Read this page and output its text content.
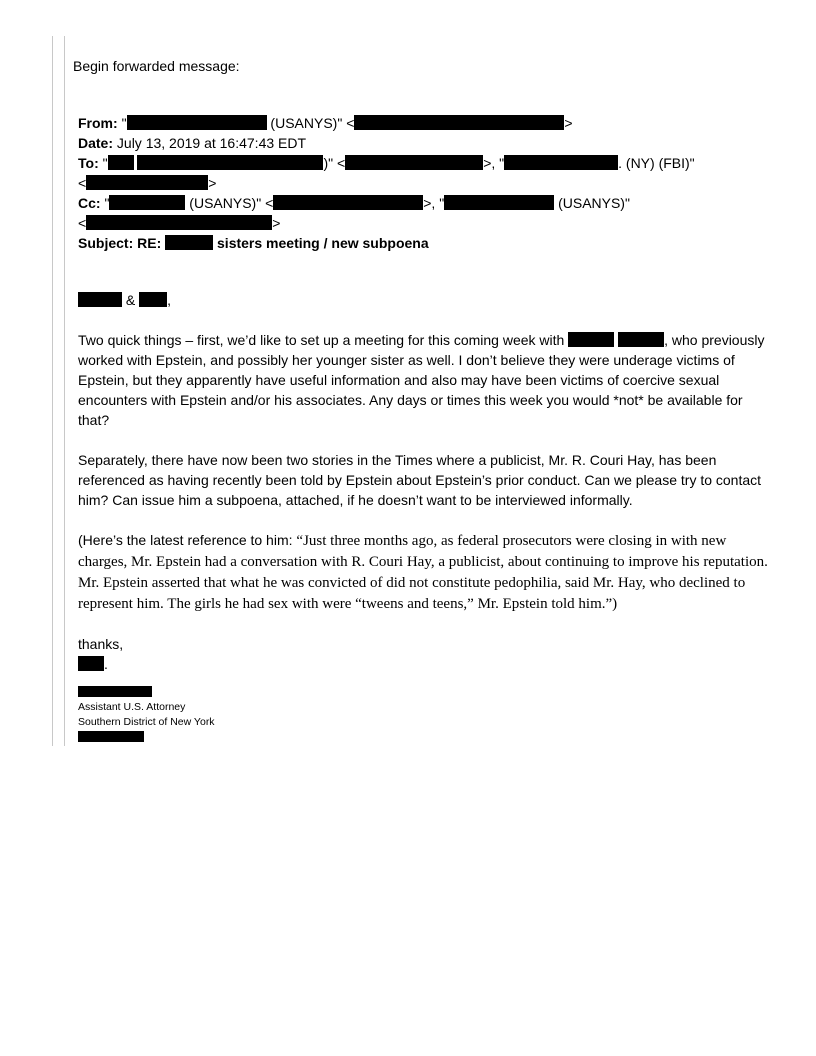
Begin forwarded message:
From: "	(USANYS)" <	>
Date: July 13, 2019 at 16:47:43 EDT
To: "	)" <	>, "	. (NY) (FBI)"
<	>
Cc: "	(USANYS)" <	>, "	(USANYS)"
<	>
Subject: RE:	sisters meeting / new subpoena

& ,

Two quick things – first, we’d like to set up a meeting for this coming week with	, who previously worked with Epstein, and possibly her younger sister as well. I don’t believe they were underage victims of Epstein, but they apparently have useful information and also may have been victims of coercive sexual encounters with Epstein and/or his associates. Any days or times this week you would *not* be available for that?

Separately, there have now been two stories in the Times where a publicist, Mr. R. Couri Hay, has been referenced as having recently been told by Epstein about Epstein’s prior conduct. Can we please try to contact him? Can issue him a subpoena, attached, if he doesn’t want to be interviewed informally.

(Here’s the latest reference to him: “Just three months ago, as federal prosecutors were closing in with new charges, Mr. Epstein had a conversation with R. Couri Hay, a publicist, about continuing to improve his reputation. Mr. Epstein asserted that what he was convicted of did not constitute pedophilia, said Mr. Hay, who declined to represent him. The girls he had sex with were “tweens and teens,” Mr. Epstein told him.”)

thanks,
.
Assistant U.S. Attorney
Southern District of New York
